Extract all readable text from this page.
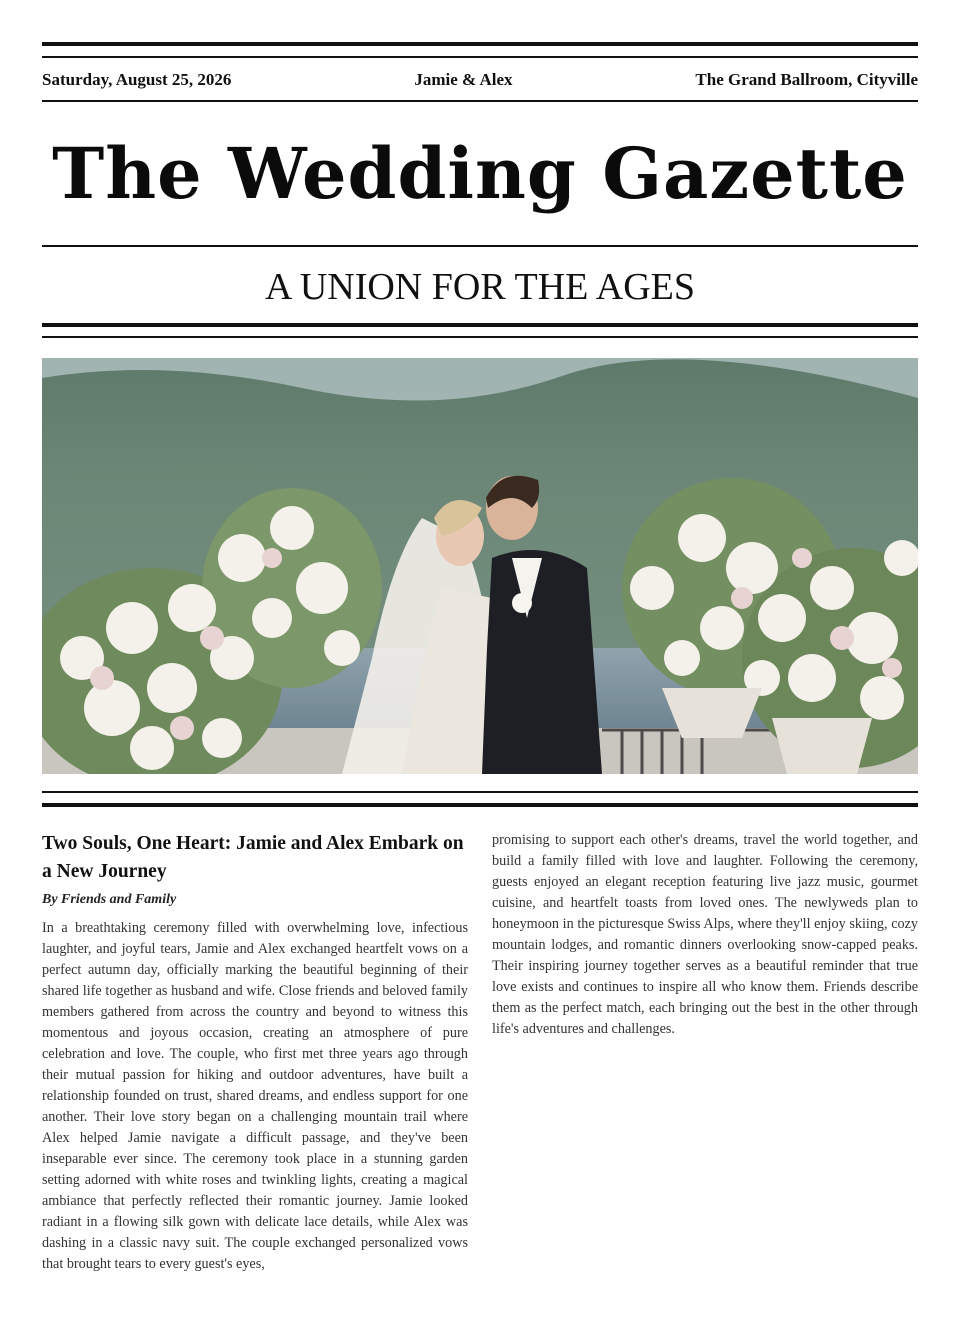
Saturday, August 25, 2026	Jamie & Alex	The Grand Ballroom, Cityville
The Wedding Gazette
A UNION FOR THE AGES
Two Souls, One Heart: Jamie and Alex Embark on a New Journey

By Friends and Family

In a breathtaking ceremony filled with overwhelming love, infectious laughter, and joyful tears, Jamie and Alex exchanged heartfelt vows on a perfect autumn day, officially marking the beautiful beginning of their shared life together as husband and wife. Close friends and beloved family members gathered from across the country and beyond to witness this momentous and joyous occasion, creating an atmosphere of pure celebration and love. The couple, who first met three years ago through their mutual passion for hiking and outdoor adventures, have built a relationship founded on trust, shared dreams, and endless support for one another. Their love story began on a challenging mountain trail where Alex helped Jamie navigate a difficult passage, and they've been inseparable ever since. The ceremony took place in a stunning garden setting adorned with white roses and twinkling lights, creating a magical ambiance that perfectly reflected their romantic journey. Jamie looked radiant in a flowing silk gown with delicate lace details, while Alex was dashing in a classic navy suit. The couple exchanged personalized vows that brought tears to every guest's eyes,

promising to support each other's dreams, travel the world together, and build a family filled with love and laughter. Following the ceremony, guests enjoyed an elegant reception featuring live jazz music, gourmet cuisine, and heartfelt toasts from loved ones. The newlyweds plan to honeymoon in the picturesque Swiss Alps, where they'll enjoy skiing, cozy mountain lodges, and romantic dinners overlooking snow-capped peaks. Their inspiring journey together serves as a beautiful reminder that true love exists and continues to inspire all who know them. Friends describe them as the perfect match, each bringing out the best in the other through life's adventures and challenges.
